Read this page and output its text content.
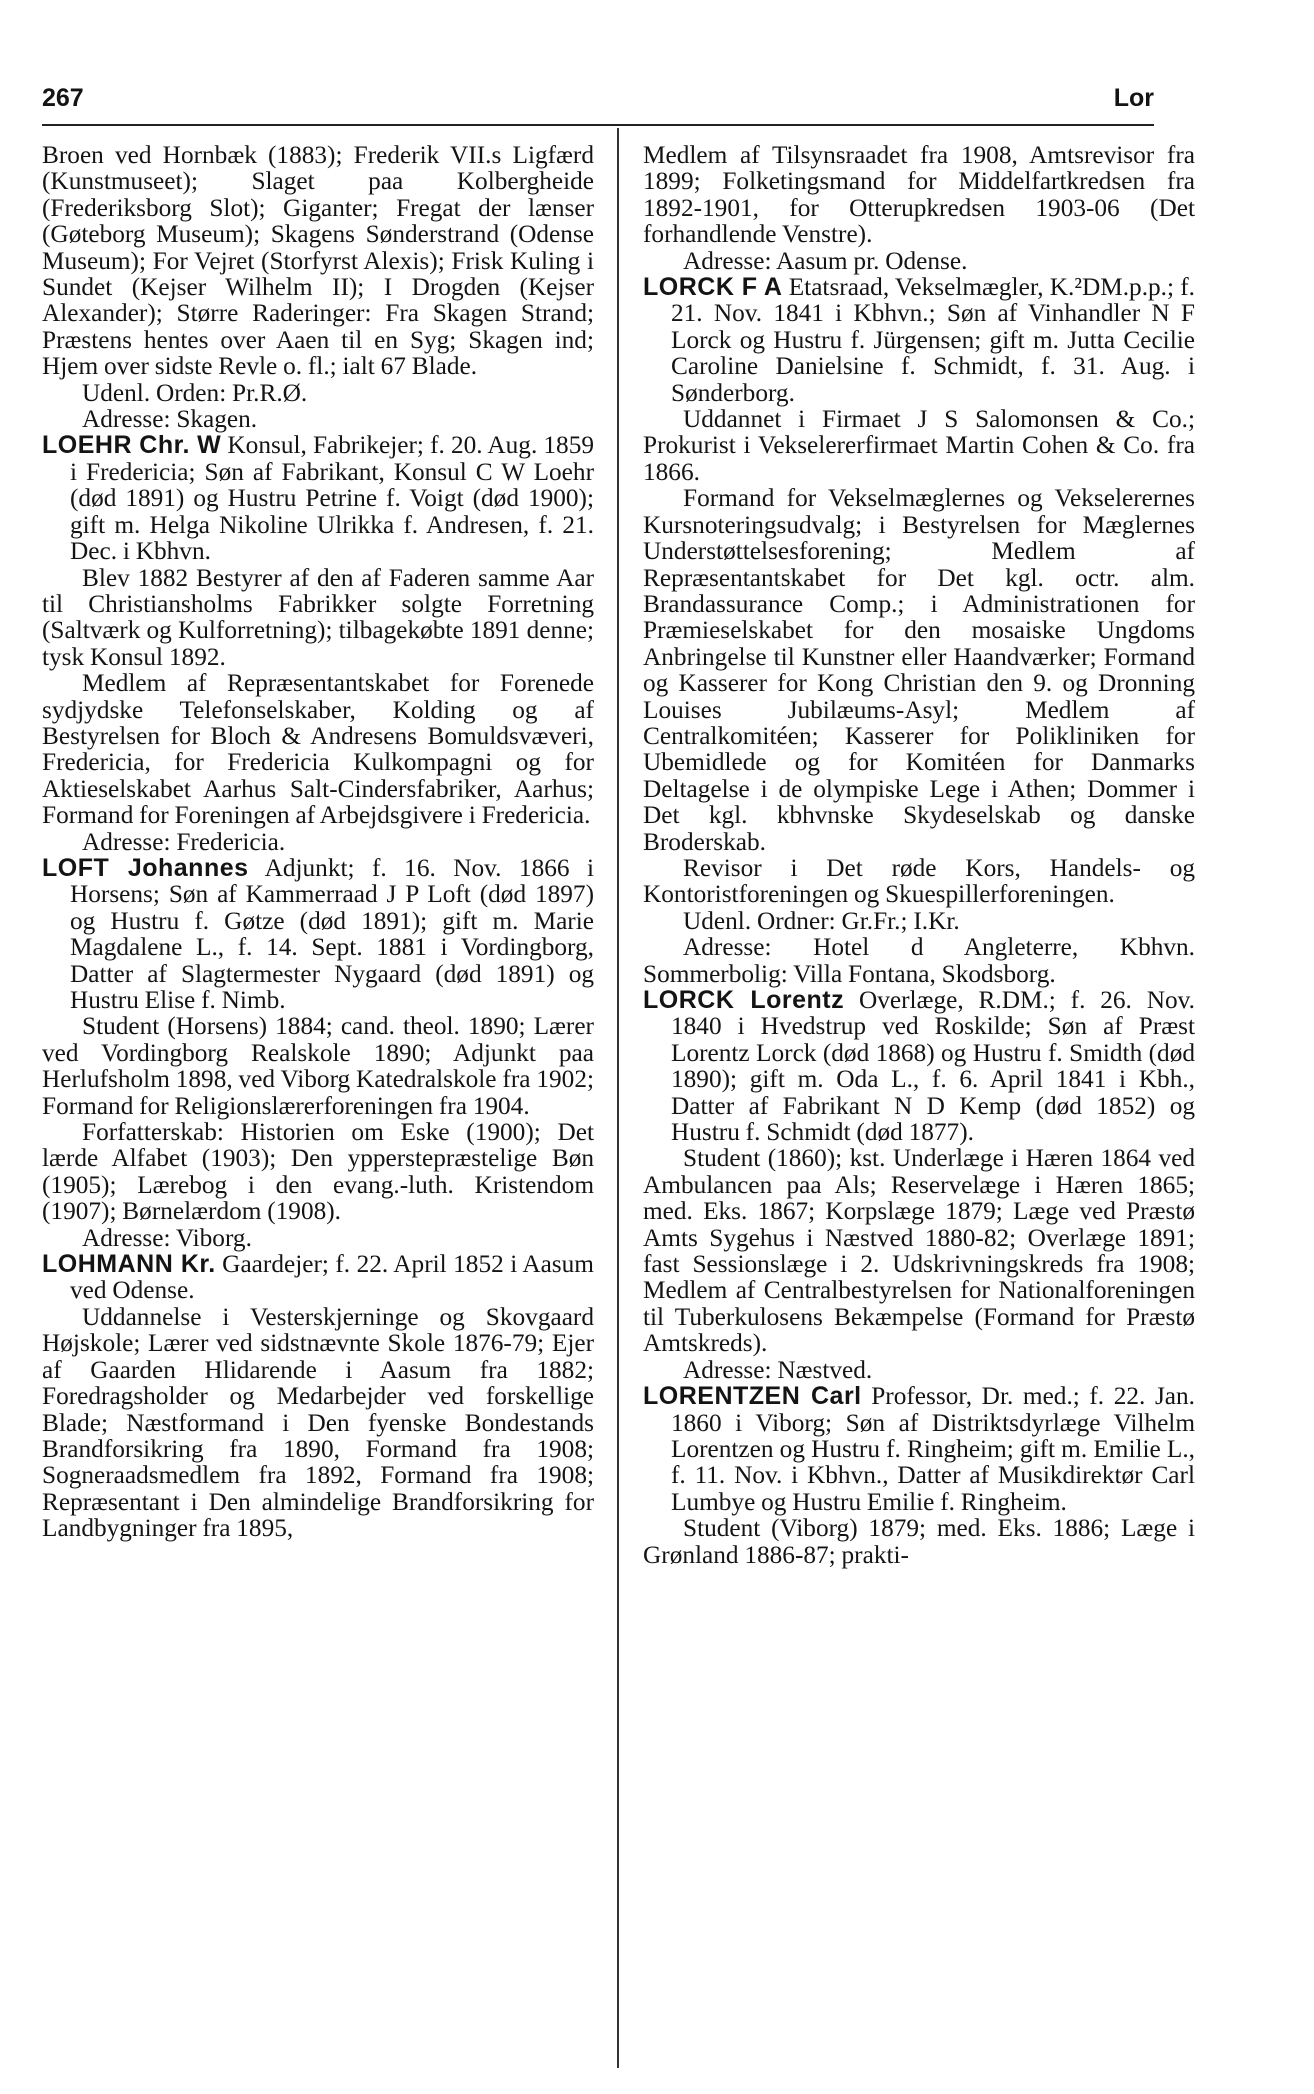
267	Lor

Broen ved Hornbæk (1883); Frederik VII.s Ligfærd (Kunstmuseet); Slaget paa Kolbergheide (Frederiksborg Slot); Giganter; Fregat der lænser (Gøteborg Museum); Skagens Sønderstrand (Odense Museum); For Vejret (Storfyrst Alexis); Frisk Kuling i Sundet (Kejser Wilhelm II); I Drogden (Kejser Alexander); Større Raderinger: Fra Skagen Strand; Præstens hentes over Aaen til en Syg; Skagen ind; Hjem over sidste Revle o. fl.; ialt 67 Blade.

Udenl. Orden: Pr.R.Ø.

Adresse: Skagen.

LOEHR Chr. W Konsul, Fabrikejer; f. 20. Aug. 1859 i Fredericia; Søn af Fabrikant, Konsul C W Loehr (død 1891) og Hustru Petrine f. Voigt (død 1900); gift m. Helga Nikoline Ulrikka f. Andresen, f. 21. Dec. i Kbhvn.

Blev 1882 Bestyrer af den af Faderen samme Aar til Christiansholms Fabrikker solgte Forretning (Saltværk og Kulforretning); tilbagekøbte 1891 denne; tysk Konsul 1892.

Medlem af Repræsentantskabet for Forenede sydjydske Telefonselskaber, Kolding og af Bestyrelsen for Bloch & Andresens Bomuldsvæveri, Fredericia, for Fredericia Kulkompagni og for Aktieselskabet Aarhus Salt-Cindersfabriker, Aarhus; Formand for Foreningen af Arbejdsgivere i Fredericia.

Adresse: Fredericia.

LOFT Johannes Adjunkt; f. 16. Nov. 1866 i Horsens; Søn af Kammerraad J P Loft (død 1897) og Hustru f. Gøtze (død 1891); gift m. Marie Magdalene L., f. 14. Sept. 1881 i Vordingborg, Datter af Slagtermester Nygaard (død 1891) og Hustru Elise f. Nimb.

Student (Horsens) 1884; cand. theol. 1890; Lærer ved Vordingborg Realskole 1890; Adjunkt paa Herlufsholm 1898, ved Viborg Katedralskole fra 1902; Formand for Religionslærerforeningen fra 1904.

Forfatterskab: Historien om Eske (1900); Det lærde Alfabet (1903); Den ypperstepræstelige Bøn (1905); Lærebog i den evang.-luth. Kristendom (1907); Børnelærdom (1908).

Adresse: Viborg.

LOHMANN Kr. Gaardejer; f. 22. April 1852 i Aasum ved Odense.

Uddannelse i Vesterskjerninge og Skovgaard Højskole; Lærer ved sidstnævnte Skole 1876-79; Ejer af Gaarden Hlidarende i Aasum fra 1882; Foredragsholder og Medarbejder ved forskellige Blade; Næstformand i Den fyenske Bondestands Brandforsikring fra 1890, Formand fra 1908; Sogneraadsmedlem fra 1892, Formand fra 1908; Repræsentant i Den almindelige Brandforsikring for Landbygninger fra 1895,

Medlem af Tilsynsraadet fra 1908, Amtsrevisor fra 1899; Folketingsmand for Middelfartkredsen fra 1892-1901, for Otterupkredsen 1903-06 (Det forhandlende Venstre).

Adresse: Aasum pr. Odense.

LORCK F A Etatsraad, Vekselmægler, K.²DM.p.p.; f. 21. Nov. 1841 i Kbhvn.; Søn af Vinhandler N F Lorck og Hustru f. Jürgensen; gift m. Jutta Cecilie Caroline Danielsine f. Schmidt, f. 31. Aug. i Sønderborg.

Uddannet i Firmaet J S Salomonsen & Co.; Prokurist i Vekselererfirmaet Martin Cohen & Co. fra 1866.

Formand for Vekselmæglernes og Vekselerernes Kursnoteringsudvalg; i Bestyrelsen for Mæglernes Understøttelsesforening; Medlem af Repræsentantskabet for Det kgl. octr. alm. Brandassurance Comp.; i Administrationen for Præmieselskabet for den mosaiske Ungdoms Anbringelse til Kunstner eller Haandværker; Formand og Kasserer for Kong Christian den 9. og Dronning Louises Jubilæums-Asyl; Medlem af Centralkomitéen; Kasserer for Polikliniken for Ubemidlede og for Komitéen for Danmarks Deltagelse i de olympiske Lege i Athen; Dommer i Det kgl. kbhvnske Skydeselskab og danske Broderskab.

Revisor i Det røde Kors, Handels- og Kontoristforeningen og Skuespillerforeningen.

Udenl. Ordner: Gr.Fr.; I.Kr.

Adresse: Hotel d Angleterre, Kbhvn. Sommerbolig: Villa Fontana, Skodsborg.

LORCK Lorentz Overlæge, R.DM.; f. 26. Nov. 1840 i Hvedstrup ved Roskilde; Søn af Præst Lorentz Lorck (død 1868) og Hustru f. Smidth (død 1890); gift m. Oda L., f. 6. April 1841 i Kbh., Datter af Fabrikant N D Kemp (død 1852) og Hustru f. Schmidt (død 1877).

Student (1860); kst. Underlæge i Hæren 1864 ved Ambulancen paa Als; Reservelæge i Hæren 1865; med. Eks. 1867; Korpslæge 1879; Læge ved Præstø Amts Sygehus i Næstved 1880-82; Overlæge 1891; fast Sessionslæge i 2. Udskrivningskreds fra 1908; Medlem af Centralbestyrelsen for Nationalforeningen til Tuberkulosens Bekæmpelse (Formand for Præstø Amtskreds).

Adresse: Næstved.

LORENTZEN Carl Professor, Dr. med.; f. 22. Jan. 1860 i Viborg; Søn af Distriktsdyrlæge Vilhelm Lorentzen og Hustru f. Ringheim; gift m. Emilie L., f. 11. Nov. i Kbhvn., Datter af Musikdirektør Carl Lumbye og Hustru Emilie f. Ringheim.

Student (Viborg) 1879; med. Eks. 1886; Læge i Grønland 1886-87; prakti-
